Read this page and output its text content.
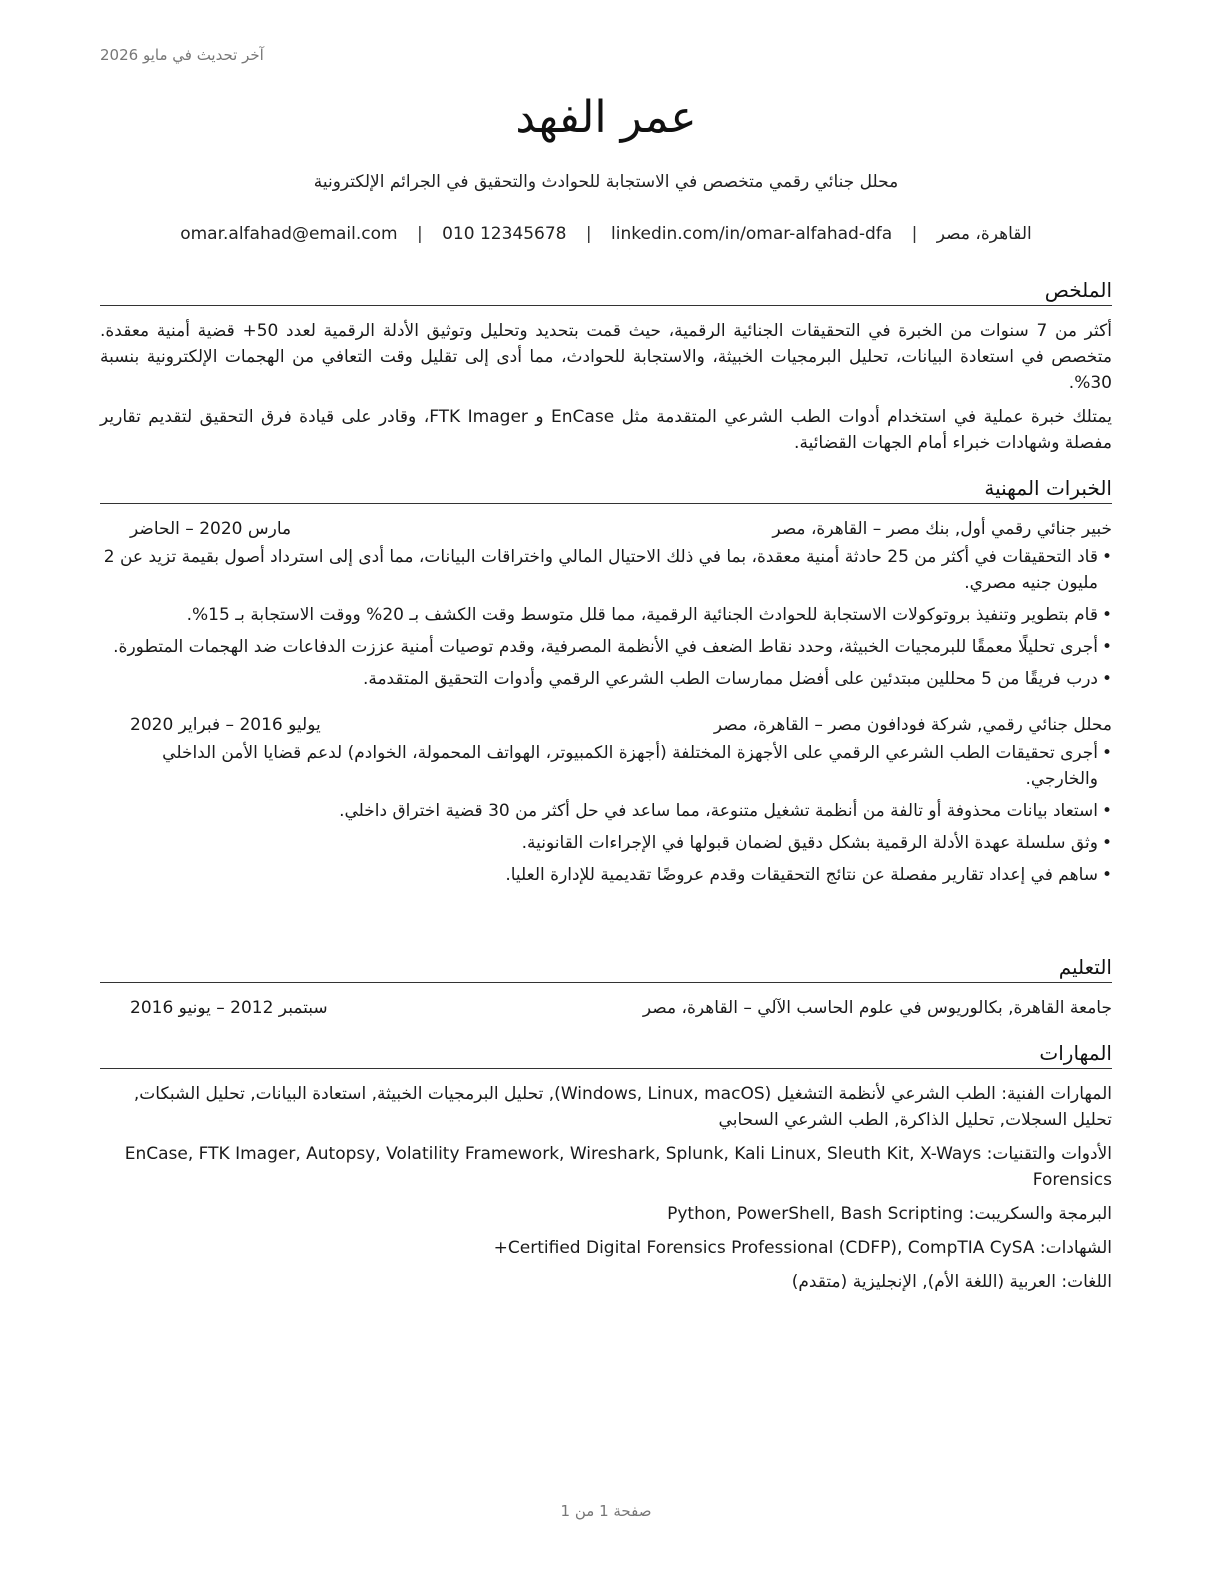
آخر تحديث في مايو 2026
عمر الفهد
محلل جنائي رقمي متخصص في الاستجابة للحوادث والتحقيق في الجرائم الإلكترونية
القاهرة، مصر | omar.alfahad@email.com | 010 12345678 | linkedin.com/in/omar-alfahad-dfa
الملخص

أكثر من 7 سنوات من الخبرة في التحقيقات الجنائية الرقمية، حيث قمت بتحديد وتحليل وتوثيق الأدلة الرقمية لعدد 50+ قضية أمنية معقدة. متخصص في استعادة البيانات، تحليل البرمجيات الخبيثة، والاستجابة للحوادث، مما أدى إلى تقليل وقت التعافي من الهجمات الإلكترونية بنسبة 30%.

يمتلك خبرة عملية في استخدام أدوات الطب الشرعي المتقدمة مثل EnCase و FTK Imager، وقادر على قيادة فرق التحقيق لتقديم تقارير مفصلة وشهادات خبراء أمام الجهات القضائية.

الخبرات المهنية
خبير جنائي رقمي أول, بنك مصر – القاهرة، مصر
مارس 2020 – الحاضر
• قاد التحقيقات في أكثر من 25 حادثة أمنية معقدة، بما في ذلك الاحتيال المالي واختراقات البيانات، مما أدى إلى استرداد أصول بقيمة تزيد عن 2 مليون جنيه مصري.
• قام بتطوير وتنفيذ بروتوكولات الاستجابة للحوادث الجنائية الرقمية، مما قلل متوسط وقت الكشف بـ 20% ووقت الاستجابة بـ 15%.
• أجرى تحليلًا معمقًا للبرمجيات الخبيثة، وحدد نقاط الضعف في الأنظمة المصرفية، وقدم توصيات أمنية عززت الدفاعات ضد الهجمات المتطورة.
• درب فريقًا من 5 محللين مبتدئين على أفضل ممارسات الطب الشرعي الرقمي وأدوات التحقيق المتقدمة.
محلل جنائي رقمي, شركة فودافون مصر – القاهرة، مصر
يوليو 2016 – فبراير 2020
• أجرى تحقيقات الطب الشرعي الرقمي على الأجهزة المختلفة (أجهزة الكمبيوتر، الهواتف المحمولة، الخوادم) لدعم قضايا الأمن الداخلي والخارجي.
• استعاد بيانات محذوفة أو تالفة من أنظمة تشغيل متنوعة، مما ساعد في حل أكثر من 30 قضية اختراق داخلي.
• وثق سلسلة عهدة الأدلة الرقمية بشكل دقيق لضمان قبولها في الإجراءات القانونية.
• ساهم في إعداد تقارير مفصلة عن نتائج التحقيقات وقدم عروضًا تقديمية للإدارة العليا.
التعليم
جامعة القاهرة, بكالوريوس في علوم الحاسب الآلي – القاهرة، مصر
سبتمبر 2012 – يونيو 2016
المهارات
المهارات الفنية: الطب الشرعي لأنظمة التشغيل (Windows, Linux, macOS), تحليل البرمجيات الخبيثة, استعادة البيانات, تحليل الشبكات, تحليل السجلات, تحليل الذاكرة, الطب الشرعي السحابي
الأدوات والتقنيات: EnCase, FTK Imager, Autopsy, Volatility Framework, Wireshark, Splunk, Kali Linux, Sleuth Kit, X-Ways Forensics
البرمجة والسكريبت: Python, PowerShell, Bash Scripting
الشهادات: Certified Digital Forensics Professional (CDFP), CompTIA CySA+
اللغات: العربية (اللغة الأم), الإنجليزية (متقدم)
صفحة 1 من 1
